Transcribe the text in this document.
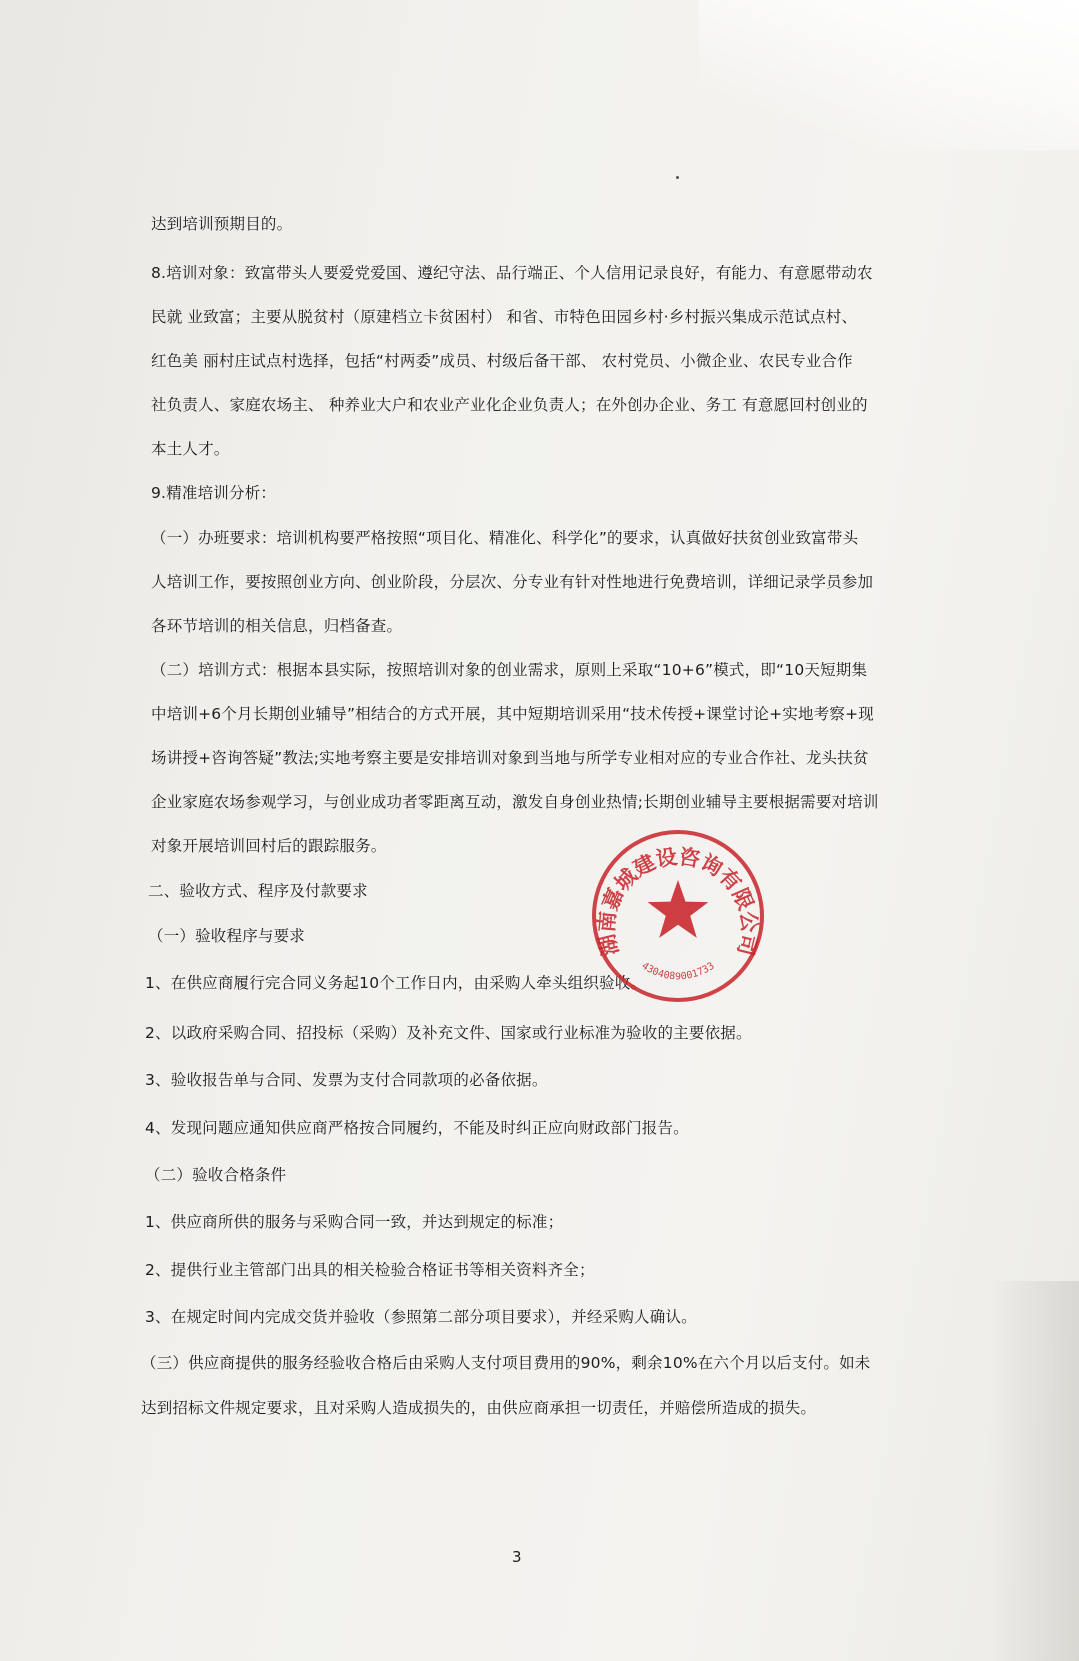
达到培训预期目的。

8.培训对象：致富带头人要爱党爱国、遵纪守法、品行端正、个人信用记录良好，有能力、有意愿带动农

民就 业致富；主要从脱贫村（原建档立卡贫困村） 和省、市特色田园乡村·乡村振兴集成示范试点村、

红色美 丽村庄试点村选择，包括“村两委”成员、村级后备干部、 农村党员、小微企业、农民专业合作

社负责人、家庭农场主、 种养业大户和农业产业化企业负责人；在外创办企业、务工 有意愿回村创业的

本土人才。

9.精准培训分析：

（一）办班要求：培训机构要严格按照“项目化、精准化、科学化”的要求，认真做好扶贫创业致富带头

人培训工作，要按照创业方向、创业阶段，分层次、分专业有针对性地进行免费培训，详细记录学员参加

各环节培训的相关信息，归档备查。

（二）培训方式：根据本县实际，按照培训对象的创业需求，原则上采取“10+6”模式，即“10天短期集

中培训+6个月长期创业辅导”相结合的方式开展，其中短期培训采用“技术传授+课堂讨论+实地考察+现

场讲授+咨询答疑”教法;实地考察主要是安排培训对象到当地与所学专业相对应的专业合作社、龙头扶贫

企业家庭农场参观学习，与创业成功者零距离互动，激发自身创业热情;长期创业辅导主要根据需要对培训

对象开展培训回村后的跟踪服务。

二、验收方式、程序及付款要求

（一）验收程序与要求

1、在供应商履行完合同义务起10个工作日内，由采购人牵头组织验收。

2、以政府采购合同、招投标（采购）及补充文件、国家或行业标准为验收的主要依据。

3、验收报告单与合同、发票为支付合同款项的必备依据。

4、发现问题应通知供应商严格按合同履约，不能及时纠正应向财政部门报告。

（二）验收合格条件

1、供应商所供的服务与采购合同一致，并达到规定的标准；

2、提供行业主管部门出具的相关检验合格证书等相关资料齐全；

3、在规定时间内完成交货并验收（参照第二部分项目要求），并经采购人确认。

（三）供应商提供的服务经验收合格后由采购人支付项目费用的90%，剩余10%在六个月以后支付。如未

达到招标文件规定要求，且对采购人造成损失的，由供应商承担一切责任，并赔偿所造成的损失。

3

湖南嘉城建设咨询有限公司
4304089001733
